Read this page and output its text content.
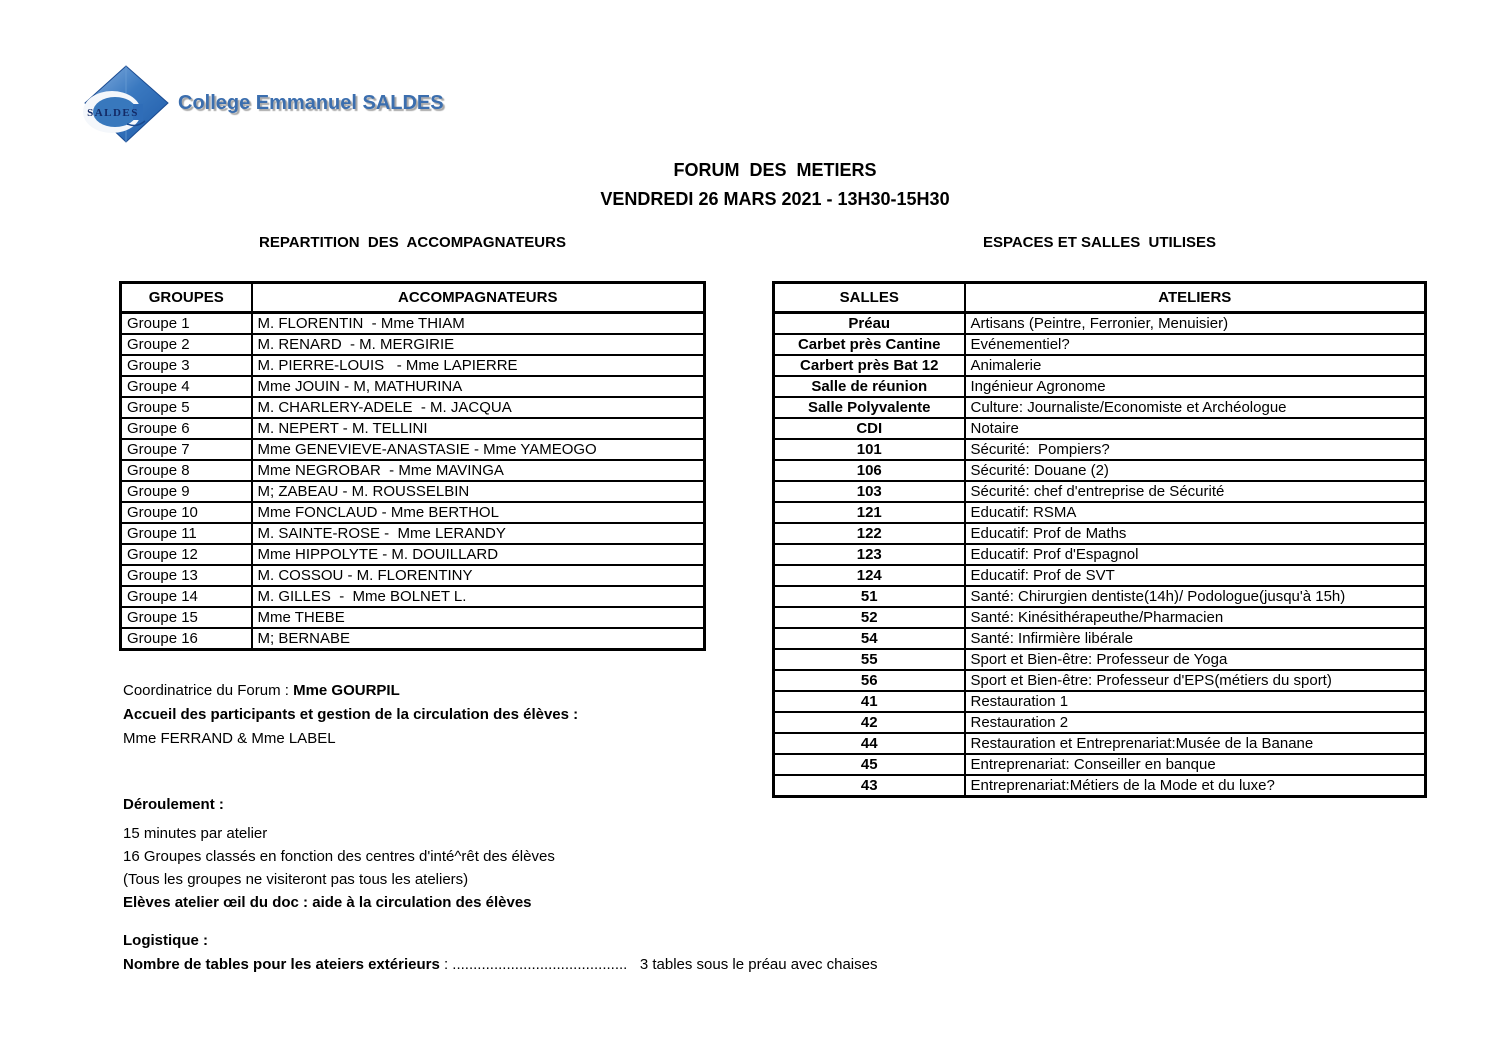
SALDES College Emmanuel SALDES
FORUM  DES  METIERS
VENDREDI 26 MARS 2021 - 13H30-15H30
REPARTITION  DES  ACCOMPAGNATEURS	ESPACES ET SALLES  UTILISES
GROUPES	ACCOMPAGNATEURS
Groupe 1	M. FLORENTIN  - Mme THIAM
Groupe 2	M. RENARD  - M. MERGIRIE
Groupe 3	M. PIERRE-LOUIS   - Mme LAPIERRE
Groupe 4	Mme JOUIN - M, MATHURINA
Groupe 5	M. CHARLERY-ADELE  - M. JACQUA
Groupe 6	M. NEPERT - M. TELLINI
Groupe 7	Mme GENEVIEVE-ANASTASIE - Mme YAMEOGO
Groupe 8	Mme NEGROBAR  - Mme MAVINGA
Groupe 9	M; ZABEAU - M. ROUSSELBIN
Groupe 10	Mme FONCLAUD - Mme BERTHOL
Groupe 11	M. SAINTE-ROSE -  Mme LERANDY
Groupe 12	Mme HIPPOLYTE - M. DOUILLARD
Groupe 13	M. COSSOU - M. FLORENTINY
Groupe 14	M. GILLES  -  Mme BOLNET L.
Groupe 15	Mme THEBE
Groupe 16	M; BERNABE
SALLES	ATELIERS
Préau	Artisans (Peintre, Ferronier, Menuisier)
Carbet près Cantine	Evénementiel?
Carbert près Bat 12	Animalerie
Salle de réunion	Ingénieur Agronome
Salle Polyvalente	Culture: Journaliste/Economiste et Archéologue
CDI	Notaire
101	Sécurité:  Pompiers?
106	Sécurité: Douane (2)
103	Sécurité: chef d'entreprise de Sécurité
121	Educatif: RSMA
122	Educatif: Prof de Maths
123	Educatif: Prof d'Espagnol
124	Educatif: Prof de SVT
51	Santé: Chirurgien dentiste(14h)/ Podologue(jusqu'à 15h)
52	Santé: Kinésithérapeuthe/Pharmacien
54	Santé: Infirmière libérale
55	Sport et Bien-être: Professeur de Yoga
56	Sport et Bien-être: Professeur d'EPS(métiers du sport)
41	Restauration 1
42	Restauration 2
44	Restauration et Entreprenariat:Musée de la Banane
45	Entreprenariat: Conseiller en banque
43	Entreprenariat:Métiers de la Mode et du luxe?
Coordinatrice du Forum : Mme GOURPIL
Accueil des participants et gestion de la circulation des élèves :
Mme FERRAND & Mme LABEL
Déroulement :
15 minutes par atelier
16 Groupes classés en fonction des centres d'inté^rêt des élèves
(Tous les groupes ne visiteront pas tous les ateliers)
Elèves atelier œil du doc : aide à la circulation des élèves
Logistique :
Nombre de tables pour les ateiers extérieurs : ..........................................   3 tables sous le préau avec chaises
